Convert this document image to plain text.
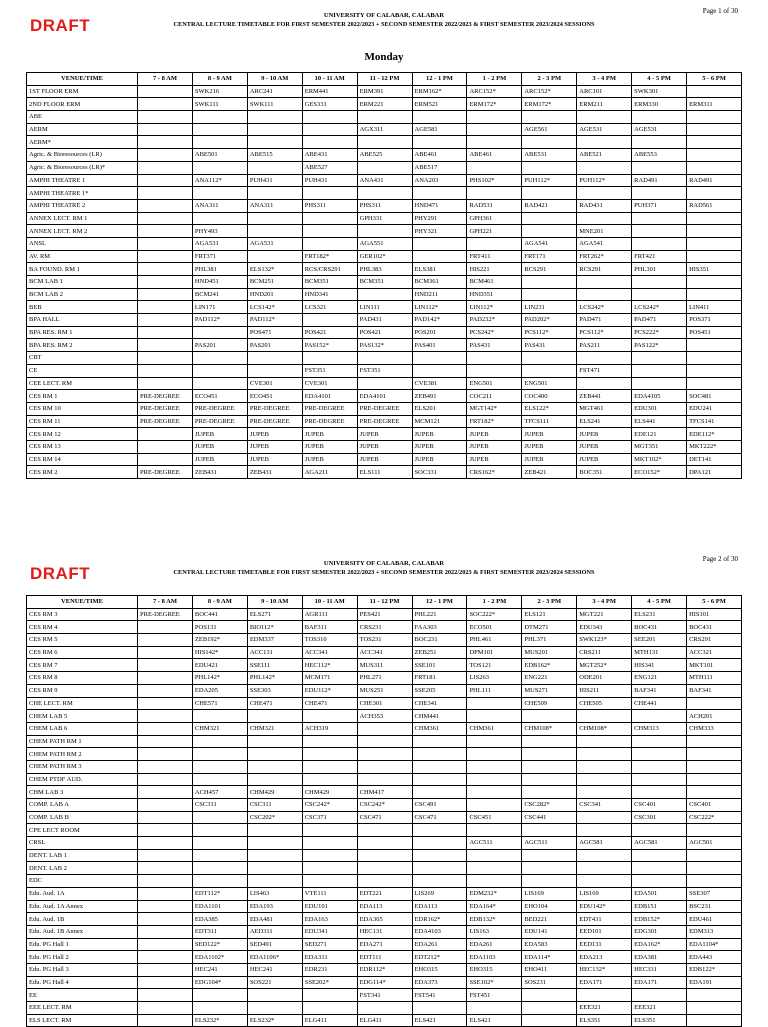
Page 1 of 30
DRAFT
UNIVERSITY OF CALABAR, CALABAR
CENTRAL LECTURE TIMETABLE FOR FIRST SEMESTER 2022/2023 + SECOND SEMESTER 2022/2023 & FIRST SEMESTER 2023/2024 SESSIONS
Monday
VENUE/TIME	7 - 8 AM	8 - 9 AM	9 - 10 AM	10 - 11 AM	11 - 12 PM	12 - 1 PM	1 - 2 PM	2 - 3 PM	3 - 4 PM	4 - 5 PM	5 - 6 PM
1ST FLOOR ERM		SWK216	ARC241	ERM441	ERM391	ERM162*	ARC152*	ARC152*	ARC101	SWK301	
2ND FLOOR ERM		SWK111	SWK111	GES331	ERM221	ERM521	ERM172*	ERM172*	ERM211	ERM330	ERM311
ABE											
AERM					AGX311	AGE581		AGE561	AGE531	AGE531	
AERM*											
Agric. & Bioresources (LR)		ABE501	ABE515	ABE431	ABE525	ABE461	ABE461	ABE531	ABE521	ABE553	
Agric. & Bioresources (LR)*				ABE527		ABE517					
AMPHI THEATRE 1		ANA112*	PUH431	PUH431	ANA431	ANA203	PHS102*	PUH112*	PUH112*	RAD491	RAD491
AMPHI THEATRE 1*											
AMPHI THEATRE 2		ANA311	ANA311	PHS311	PHS311	HND471	RAD531	RAD421	RAD431	PUH371	RAD561
ANNEX LECT. RM 1					GPH331	PHY291	GPH361				
ANNEX LECT. RM 2		PHY493				PHY321	GPH221		MNE201		
ANSL		AGA531	AGA531		AGA551			AGA541	AGA541		
AV. RM		FRT371		FRT182*	GER102*		FRT411	FRT171	FRT262*	FRT421	
BA FOUND. RM 1		PHL381	ELS132*	RCS/CRS291	PHL383	ELS381	HIS221	RCS291	RCS291	PHL301	HIS351
BCM LAB 1		HND451	BCM251	BCM351	BCM351	BCM361	BCM461				
BCM LAB 2		BCM241	HND201	HND341		HND211	HND351				
BEB		LIN171	LCS142*	LCS321	LIN111	LIN112*	LIN112*	LIN231	LCS242*	LCS242*	LIN411
BPA HALL		PAD112*	PAD112*		PAD431	PAD142*	PAD232*	PAD202*	PAD471	PAD471	POS371
BPA RES. RM 1			POS471	POS421	POS421	POS201	PCS242*	PCS112*	PCS112*	PCS222*	POS451
BPA RES. RM 2		PAS201	PAS201	PAS152*	PAS132*	PAS401	PAS431	PAS431	PAS211	PAS122*	
CBT											
CE				FST351	FST351				FST471		
CEE LECT. RM			CVE301	CVE301		CVE381	ENG501	ENG501			
CES RM 1	PRE-DEGREE	ECO451	ECO451	EDA4101	EDA4101	ZEB491	COC211	COC400	ZEB441	EDA4105	SOC481
CES RM 10	PRE-DEGREE	PRE-DEGREE	PRE-DEGREE	PRE-DEGREE	PRE-DEGREE	ELS201	MGT142*	ELS122*	MGT461	EDU301	EDU241
CES RM 11	PRE-DEGREE	PRE-DEGREE	PRE-DEGREE	PRE-DEGREE	PRE-DEGREE	MCM121	FRT182*	TFCS111	ELS241	ELS441	TFCS141
CES RM 12		JUPEB	JUPEB	JUPEB	JUPEB	JUPEB	JUPEB	JUPEB	JUPEB	EDE121	EDE112*
CES RM 13		JUPEB	JUPEB	JUPEB	JUPEB	JUPEB	JUPEB	JUPEB	JUPEB	MGT351	MKT222*
CES RM 14		JUPEB	JUPEB	JUPEB	JUPEB	JUPEB	JUPEB	JUPEB	JUPEB	MKT102*	DET141
CES RM 2	PRE-DEGREE	ZEB431	ZEB431	AGA211	ELS111	SOC331	CRS162*	ZEB421	BOC351	ECO152*	DPA121
Page 2 of 30
DRAFT
UNIVERSITY OF CALABAR, CALABAR
CENTRAL LECTURE TIMETABLE FOR FIRST SEMESTER 2022/2023 + SECOND SEMESTER 2022/2023 & FIRST SEMESTER 2023/2024 SESSIONS
VENUE/TIME	7 - 8 AM	8 - 9 AM	9 - 10 AM	10 - 11 AM	11 - 12 PM	12 - 1 PM	1 - 2 PM	2 - 3 PM	3 - 4 PM	4 - 5 PM	5 - 6 PM
CES RM 3	PRE-DEGREE	BOC441	ELS271	AGR111	PES421	PHL221	SOC222*	ELS121	MGT221	ELS231	HIS101
CES RM 4		POS131	BIO112*	BAF311	CRS231	FAA303	ECO501	DTM271	EDU343	BOC431	BOC431
CES RM 5		ZEB192*	EDM337	TOS310	TOS231	BOC231	PHL461	PHL371	SWK123*	SEE201	CRS291
CES RM 6		HIS142*	ACC131	ACC341	ACC341	ZEB251	DPM101	MUS201	CRS211	MTH131	ACC321
CES RM 7		EDU421	SSE111	HEC112*	MUS311	SSE101	TOS121	EDB162*	MGT252*	HIS341	MKT101
CES RM 8		PHL142*	PHL142*	MCM171	PHL271	FRT181	LIS263	ENG221	ODE201	ENG121	MTH111
CES RM 9		EDA205	SSE303	EDU112*	MUS251	SSE205	PHL111	MUS271	HIS211	BAF341	BAF341
CHE LECT. RM		CHE571	CHE471	CHE471	CHE301	CHE341		CHE509	CHE505	CHE441	
CHEM LAB 5					ACH353	CHM441					ACH201
CHEM LAB 6		CHM321	CHM321	ACH319		CHM361	CHM361	CHM108*	CHM108*	CHM313	CHM333
CHEM PATH RM 1											
CHEM PATH RM 2											
CHEM PATH RM 3											
CHEM PTDF AUD.											
CHM LAB 3		ACH457	CHM429	CHM429	CHM417						
COMP. LAB A		CSC311	CSC311	CSC242*	CSC242*	CSC491		CSC282*	CSC341	CSC401	CSC401
COMP. LAB B			CSC202*	CSC371	CSC471	CSC471	CSC451	CSC441		CSC301	CSC222*
CPE LECT ROOM											
CRSL							AGC511	AGC511	AGC581	AGC581	AGC501
DENT. LAB 1											
DENT. LAB 2											
EDC											
Edu. Aud. 1A		EDT112*	LIS463	VTE111	EDT221	LIS269	EDM232*	LIS169	LIS169	EDA501	SSE307
Edu. Aud. 1A Annex		EDA1101	EDA193	EDU101	EDA113	EDA113	EDA164*	EHO104	EDU142*	EDB151	BSC231
Edu. Aud. 1B		EDA385	EDA481	EDA163	EDA305	EDR162*	EDB132*	BED221	EDT431	EDB152*	EDU461
Edu. Aud. 1B Annex		EDT311	AED311	EDU341	HEC131	EDA4103	LIS163	EDU141	EED101	EDG301	EDM313
Edu. PG Hall 1		SED122*	SED491	SED271	EDA271	EDA261	EDA261	EDA583	EED131	EDA162*	EDA1104*
Edu. PG Hall 2		EDA1102*	EDA1106*	EDA311	EDT111	EDT212*	EDA1103	EDA114*	EDA213	EDA381	EDA443
Edu. PG Hall 3		HEC241	HEC241	EDR231	EDR112*	EHO315	EHO315	EHO411	HEC132*	HEC331	EDB122*
Edu. PG Hall 4		EDG104*	SOS221	SSE202*	EDG114*	EDA373	SSE102*	SOS231	EDA171	EDA171	EDA191
EE					FST341	FST541	FST451				
EEE LECT. RM									EEE321	EEE321	
ELS LECT. RM		ELS232*	ELS232*	ELG411	ELG411	ELS421	ELS421		ELS351	ELS351	
